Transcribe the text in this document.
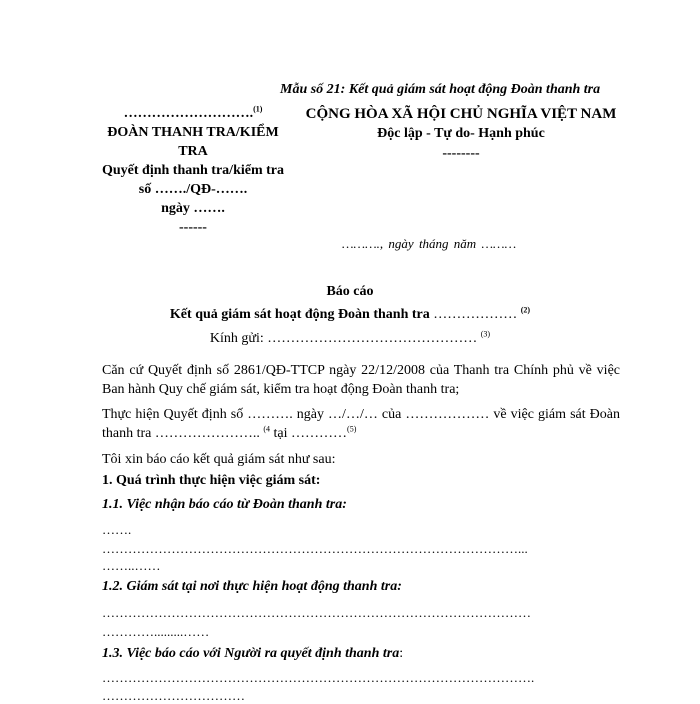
Mẫu số 21: Kết quả giám sát hoạt động Đoàn thanh tra
……………………….$^{(1)}$
ĐOÀN THANH TRA/KIỂM TRA
Quyết định thanh tra/kiểm tra số ……./QĐ-…….
ngày …….
------
CỘNG HÒA XÃ HỘI CHỦ NGHĨA VIỆT NAM
Độc lập - Tự do- Hạnh phúc
--------
………., ngày tháng năm ………
Báo cáo
Kết quả giám sát hoạt động Đoàn thanh tra ……………… $^{(2)}$
Kính gửi: ……………………………………… $^{(3)}$
Căn cứ Quyết định số 2861/QĐ-TTCP ngày 22/12/2008 của Thanh tra Chính phủ về việc Ban hành Quy chế giám sát, kiểm tra hoạt động Đoàn thanh tra;
Thực hiện Quyết định số ………. ngày …/…/… của ……………… về việc giám sát Đoàn thanh tra ………………….. $^{(4}$ tại …………$^{(5)}$
Tôi xin báo cáo kết quả giám sát như sau:
1. Quá trình thực hiện việc giám sát:
1.1. Việc nhận báo cáo từ Đoàn thanh tra:
…….
……………………………………………………………………………………...
……..……
1.2. Giám sát tại nơi thực hiện hoạt động thanh tra:
………………………………………………………………………………………
………….........……
1.3. Việc báo cáo với Người ra quyết định thanh tra:
……………………………………………………………………………………….
……………………………
